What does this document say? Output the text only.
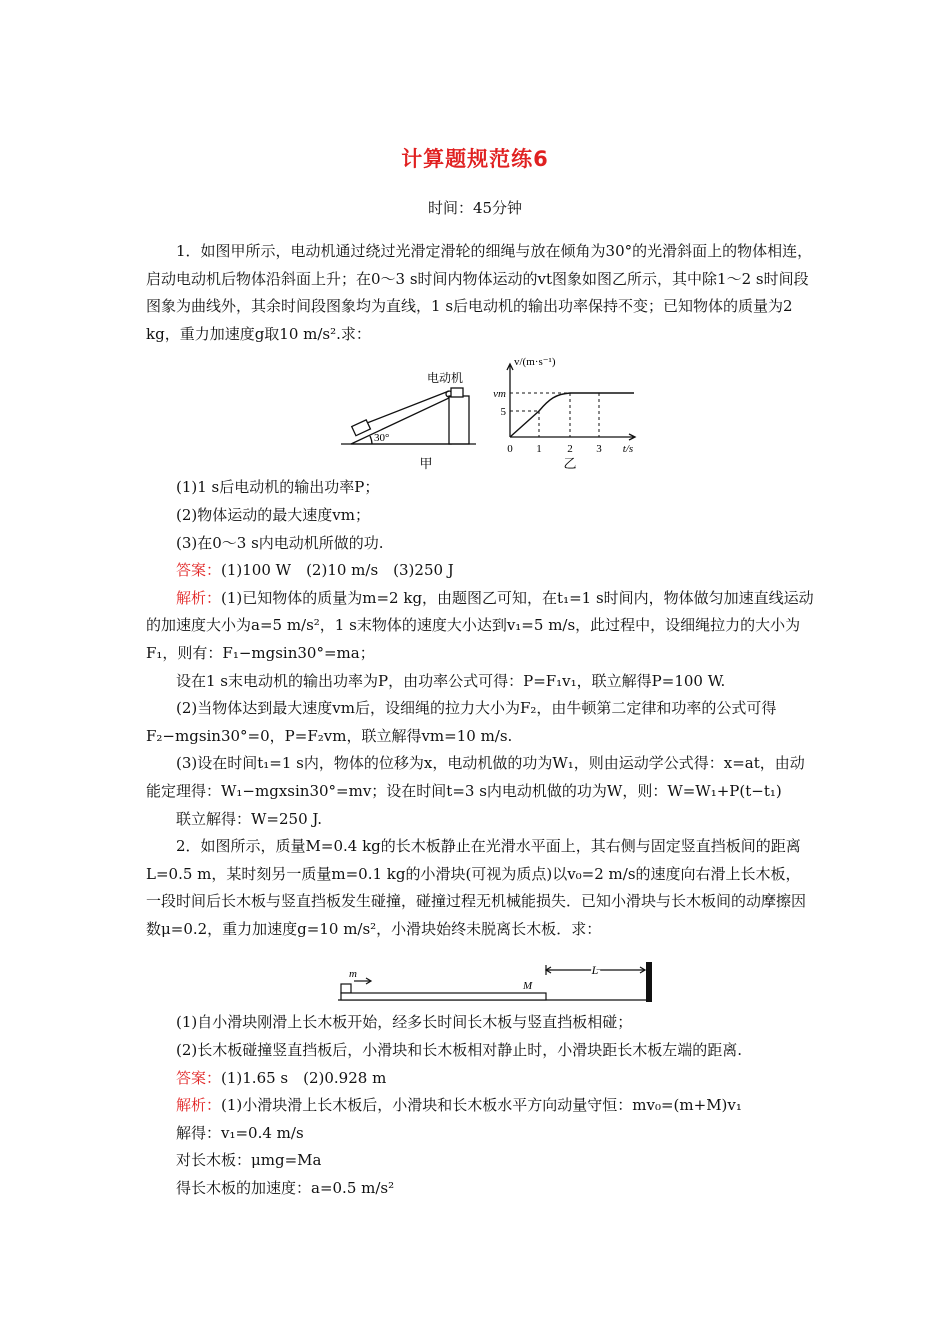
计算题规范练6
时间：45分钟

1．如图甲所示，电动机通过绕过光滑定滑轮的细绳与放在倾角为30°的光滑斜面上的物体相连，启动电动机后物体沿斜面上升；在0～3 s时间内物体运动的vt图象如图乙所示，其中除1～2 s时间段图象为曲线外，其余时间段图象均为直线，1 s后电动机的输出功率保持不变；已知物体的质量为2 kg，重力加速度g取10 m/s².求：

电动机
30°
甲
v/(m·s⁻¹)
vm
5
0 1 2 3 t/s
乙

(1)1 s后电动机的输出功率P；

(2)物体运动的最大速度vm；

(3)在0～3 s内电动机所做的功.

答案：(1)100 W　(2)10 m/s　(3)250 J

解析：(1)已知物体的质量为m=2 kg，由题图乙可知，在t₁=1 s时间内，物体做匀加速直线运动的加速度大小为a=5 m/s²，1 s末物体的速度大小达到v₁=5 m/s，此过程中，设细绳拉力的大小为F₁，则有：F₁−mgsin30°=ma；

设在1 s末电动机的输出功率为P，由功率公式可得：P=F₁v₁，联立解得P=100 W.

(2)当物体达到最大速度vm后，设细绳的拉力大小为F₂，由牛顿第二定律和功率的公式可得F₂−mgsin30°=0，P=F₂vm，联立解得vm=10 m/s.

(3)设在时间t₁=1 s内，物体的位移为x，电动机做的功为W₁，则由运动学公式得：x=at，由动能定理得：W₁−mgxsin30°=mv；设在时间t=3 s内电动机做的功为W，则：W=W₁+P(t−t₁)

联立解得：W=250 J.

2．如图所示，质量M=0.4 kg的长木板静止在光滑水平面上，其右侧与固定竖直挡板间的距离L=0.5 m，某时刻另一质量m=0.1 kg的小滑块(可视为质点)以v₀=2 m/s的速度向右滑上长木板，一段时间后长木板与竖直挡板发生碰撞，碰撞过程无机械能损失．已知小滑块与长木板间的动摩擦因数μ=0.2，重力加速度g=10 m/s²，小滑块始终未脱离长木板．求：

m
M
L

(1)自小滑块刚滑上长木板开始，经多长时间长木板与竖直挡板相碰；

(2)长木板碰撞竖直挡板后，小滑块和长木板相对静止时，小滑块距长木板左端的距离.

答案：(1)1.65 s　(2)0.928 m

解析：(1)小滑块滑上长木板后，小滑块和长木板水平方向动量守恒：mv₀=(m+M)v₁

解得：v₁=0.4 m/s

对长木板：μmg=Ma

得长木板的加速度：a=0.5 m/s²
